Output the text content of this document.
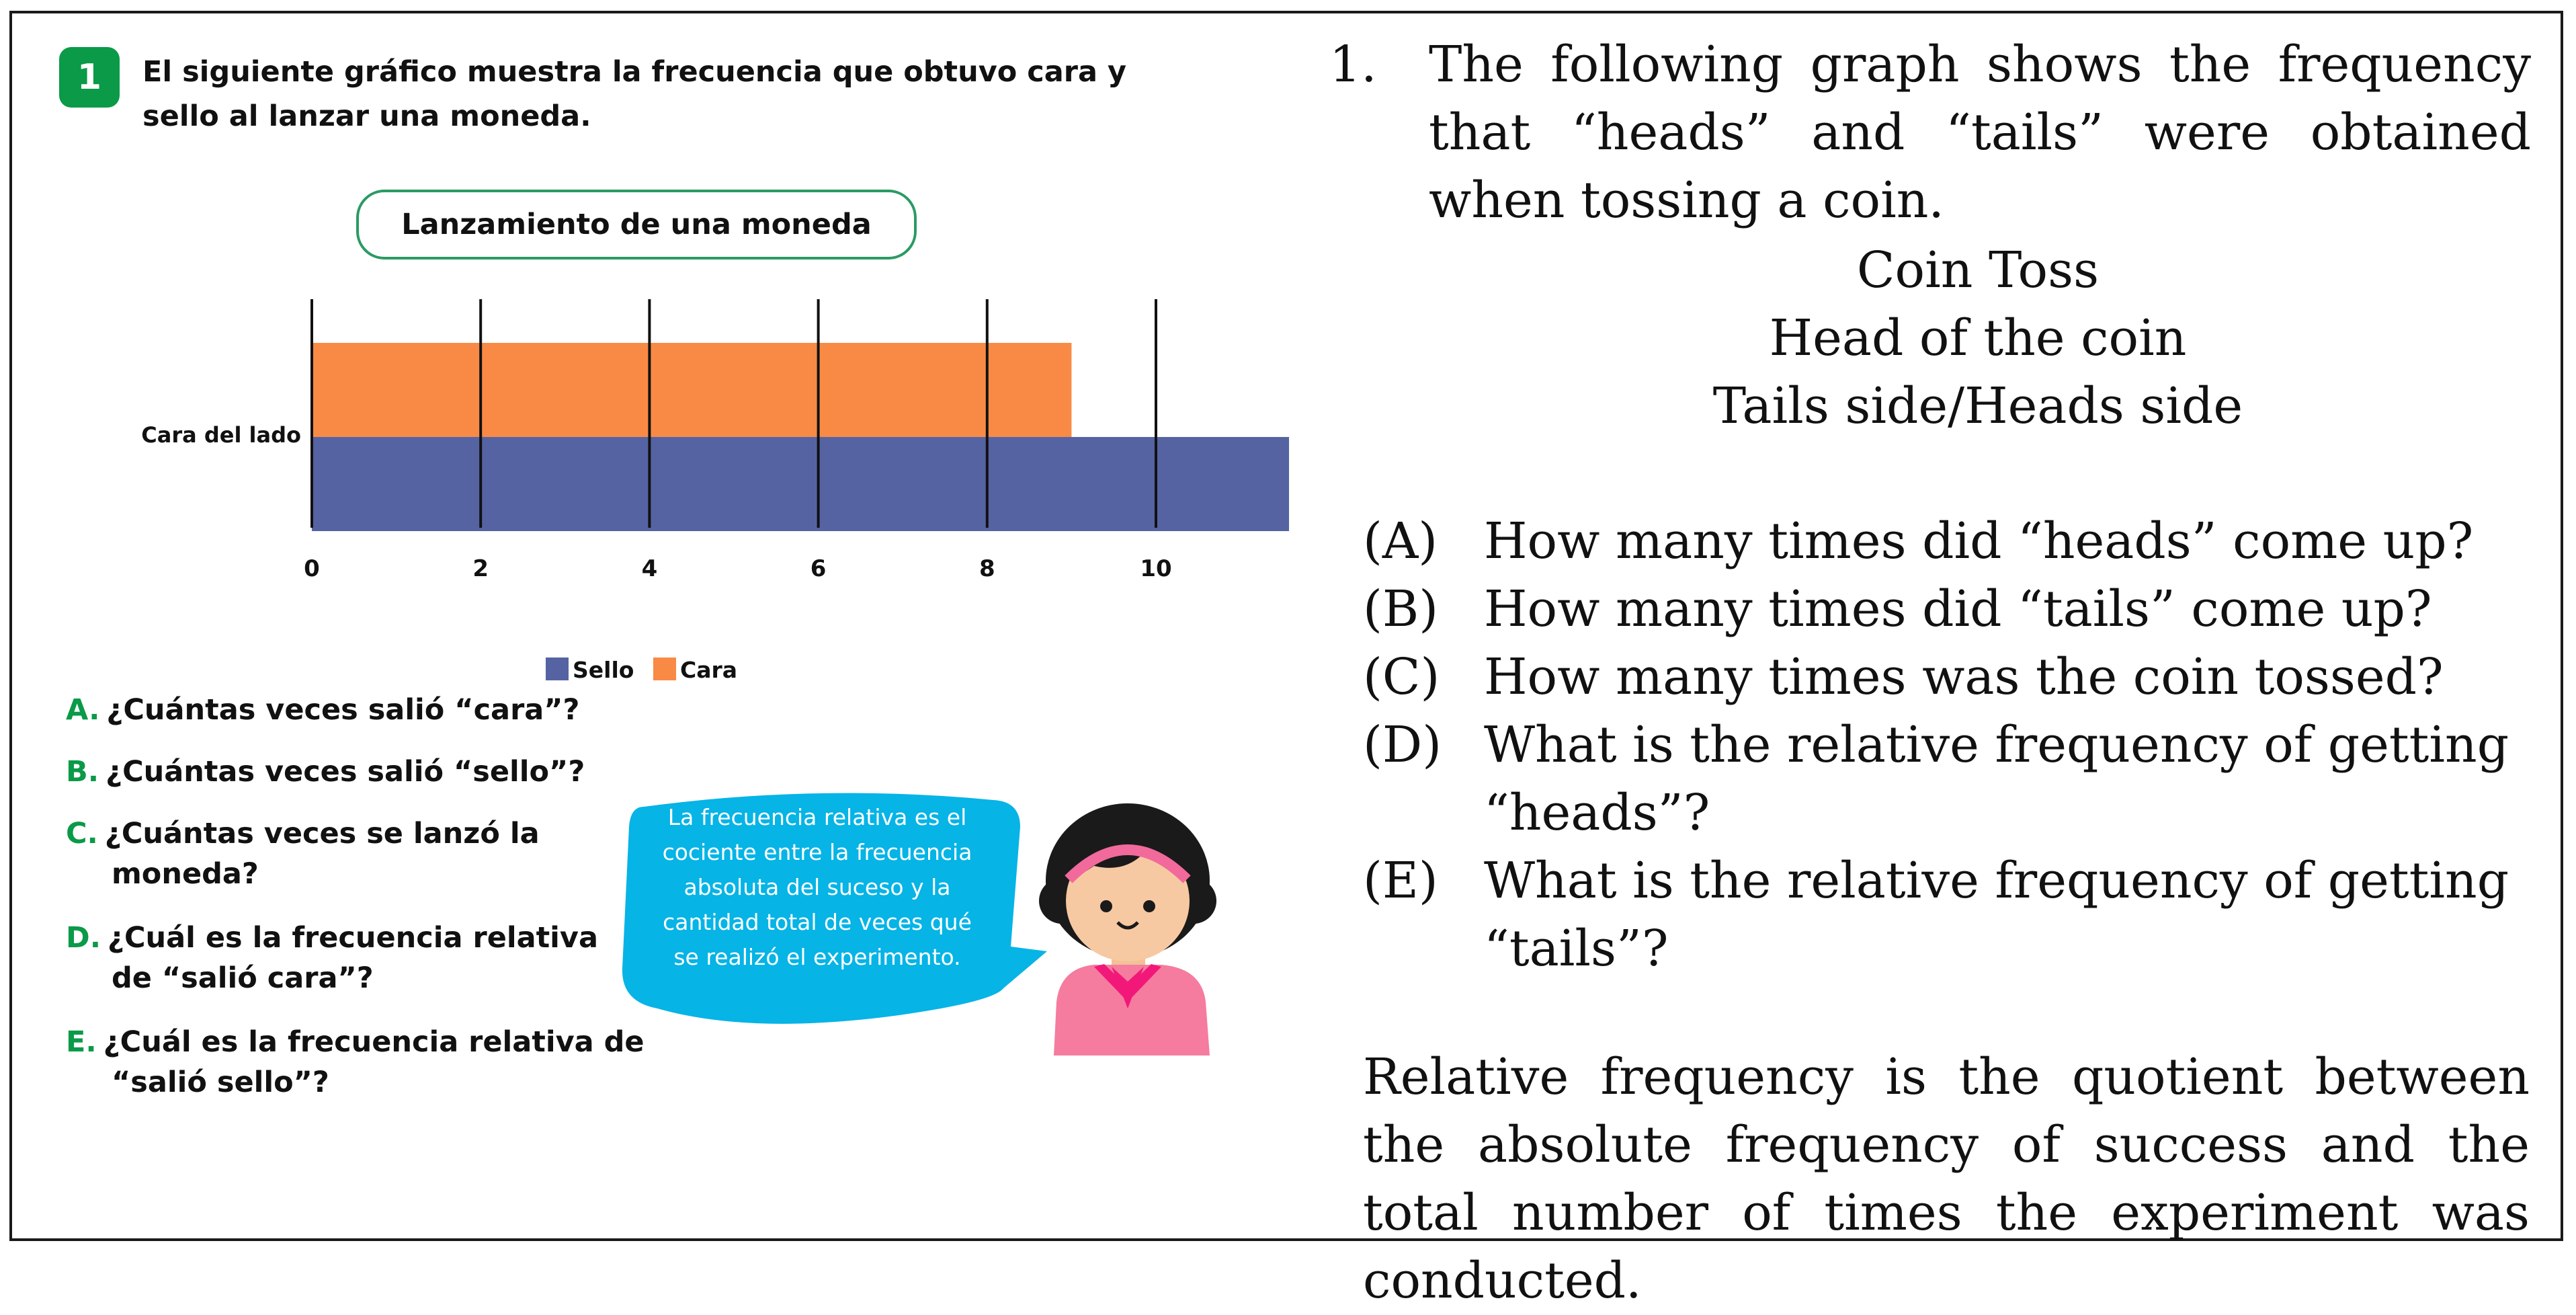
1	El siguiente gráfico muestra la frecuencia que obtuvo cara y sello al lanzar una moneda.
Lanzamiento de una moneda
0	2	4	6	8	10
Cara del lado
Sello Cara
A. ¿Cuántas veces salió “cara”?
B. ¿Cuántas veces salió “sello”?
C. ¿Cuántas veces se lanzó la
moneda?
D. ¿Cuál es la frecuencia relativa
de “salió cara”?
E. ¿Cuál es la frecuencia relativa de
“salió sello”?
La frecuencia relativa es el
cociente entre la frecuencia
absoluta del suceso y la
cantidad total de veces qué
se realizó el experimento.
1. The following graph shows the frequency that “heads” and “tails” were obtained when tossing a coin.
Coin Toss
Head of the coin
Tails side/Heads side
(A) How many times did “heads” come up?
(B) How many times did “tails” come up?
(C) How many times was the coin tossed?
(D) What is the relative frequency of getting
“heads”?
(E) What is the relative frequency of getting
“tails”?
Relative frequency is the quotient between the absolute frequency of success and the total number of times the experiment was conducted.
